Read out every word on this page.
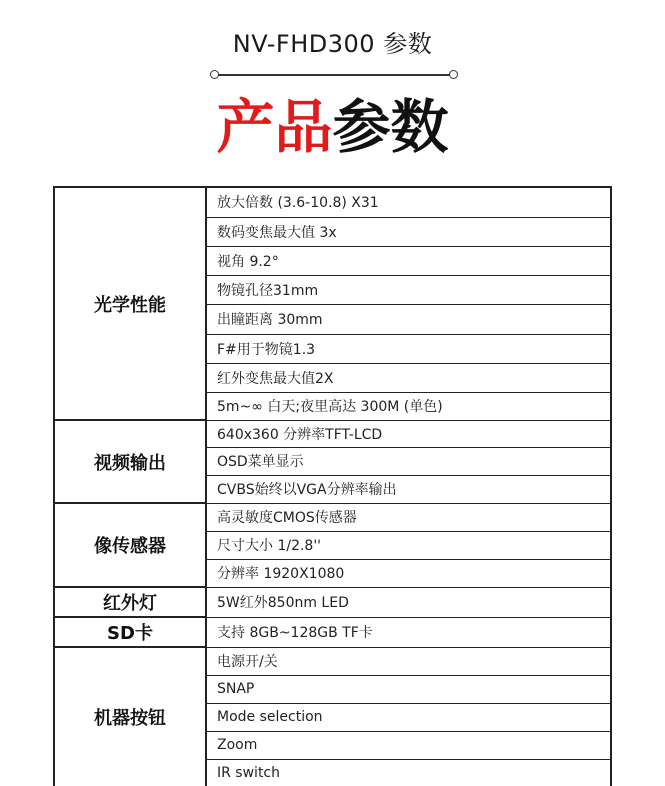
NV-FHD300 参数
产品参数
光学性能	放大倍数 (3.6-10.8) X31
	数码变焦最大值 3x
	视角 9.2°
	物镜孔径31mm
	出瞳距离 30mm
	F#用于物镜1.3
	红外变焦最大值2X
	5m~∞ 白天;夜里高达 300M (单色)
视频输出	640x360 分辨率TFT-LCD
	OSD菜单显示
	CVBS始终以VGA分辨率输出
像传感器	高灵敏度CMOS传感器
	尺寸大小 1/2.8''
	分辨率 1920X1080
红外灯	5W红外850nm LED
SD卡	支持 8GB~128GB TF卡
机器按钮	电源开/关
	SNAP
	Mode selection
	Zoom
	IR switch
